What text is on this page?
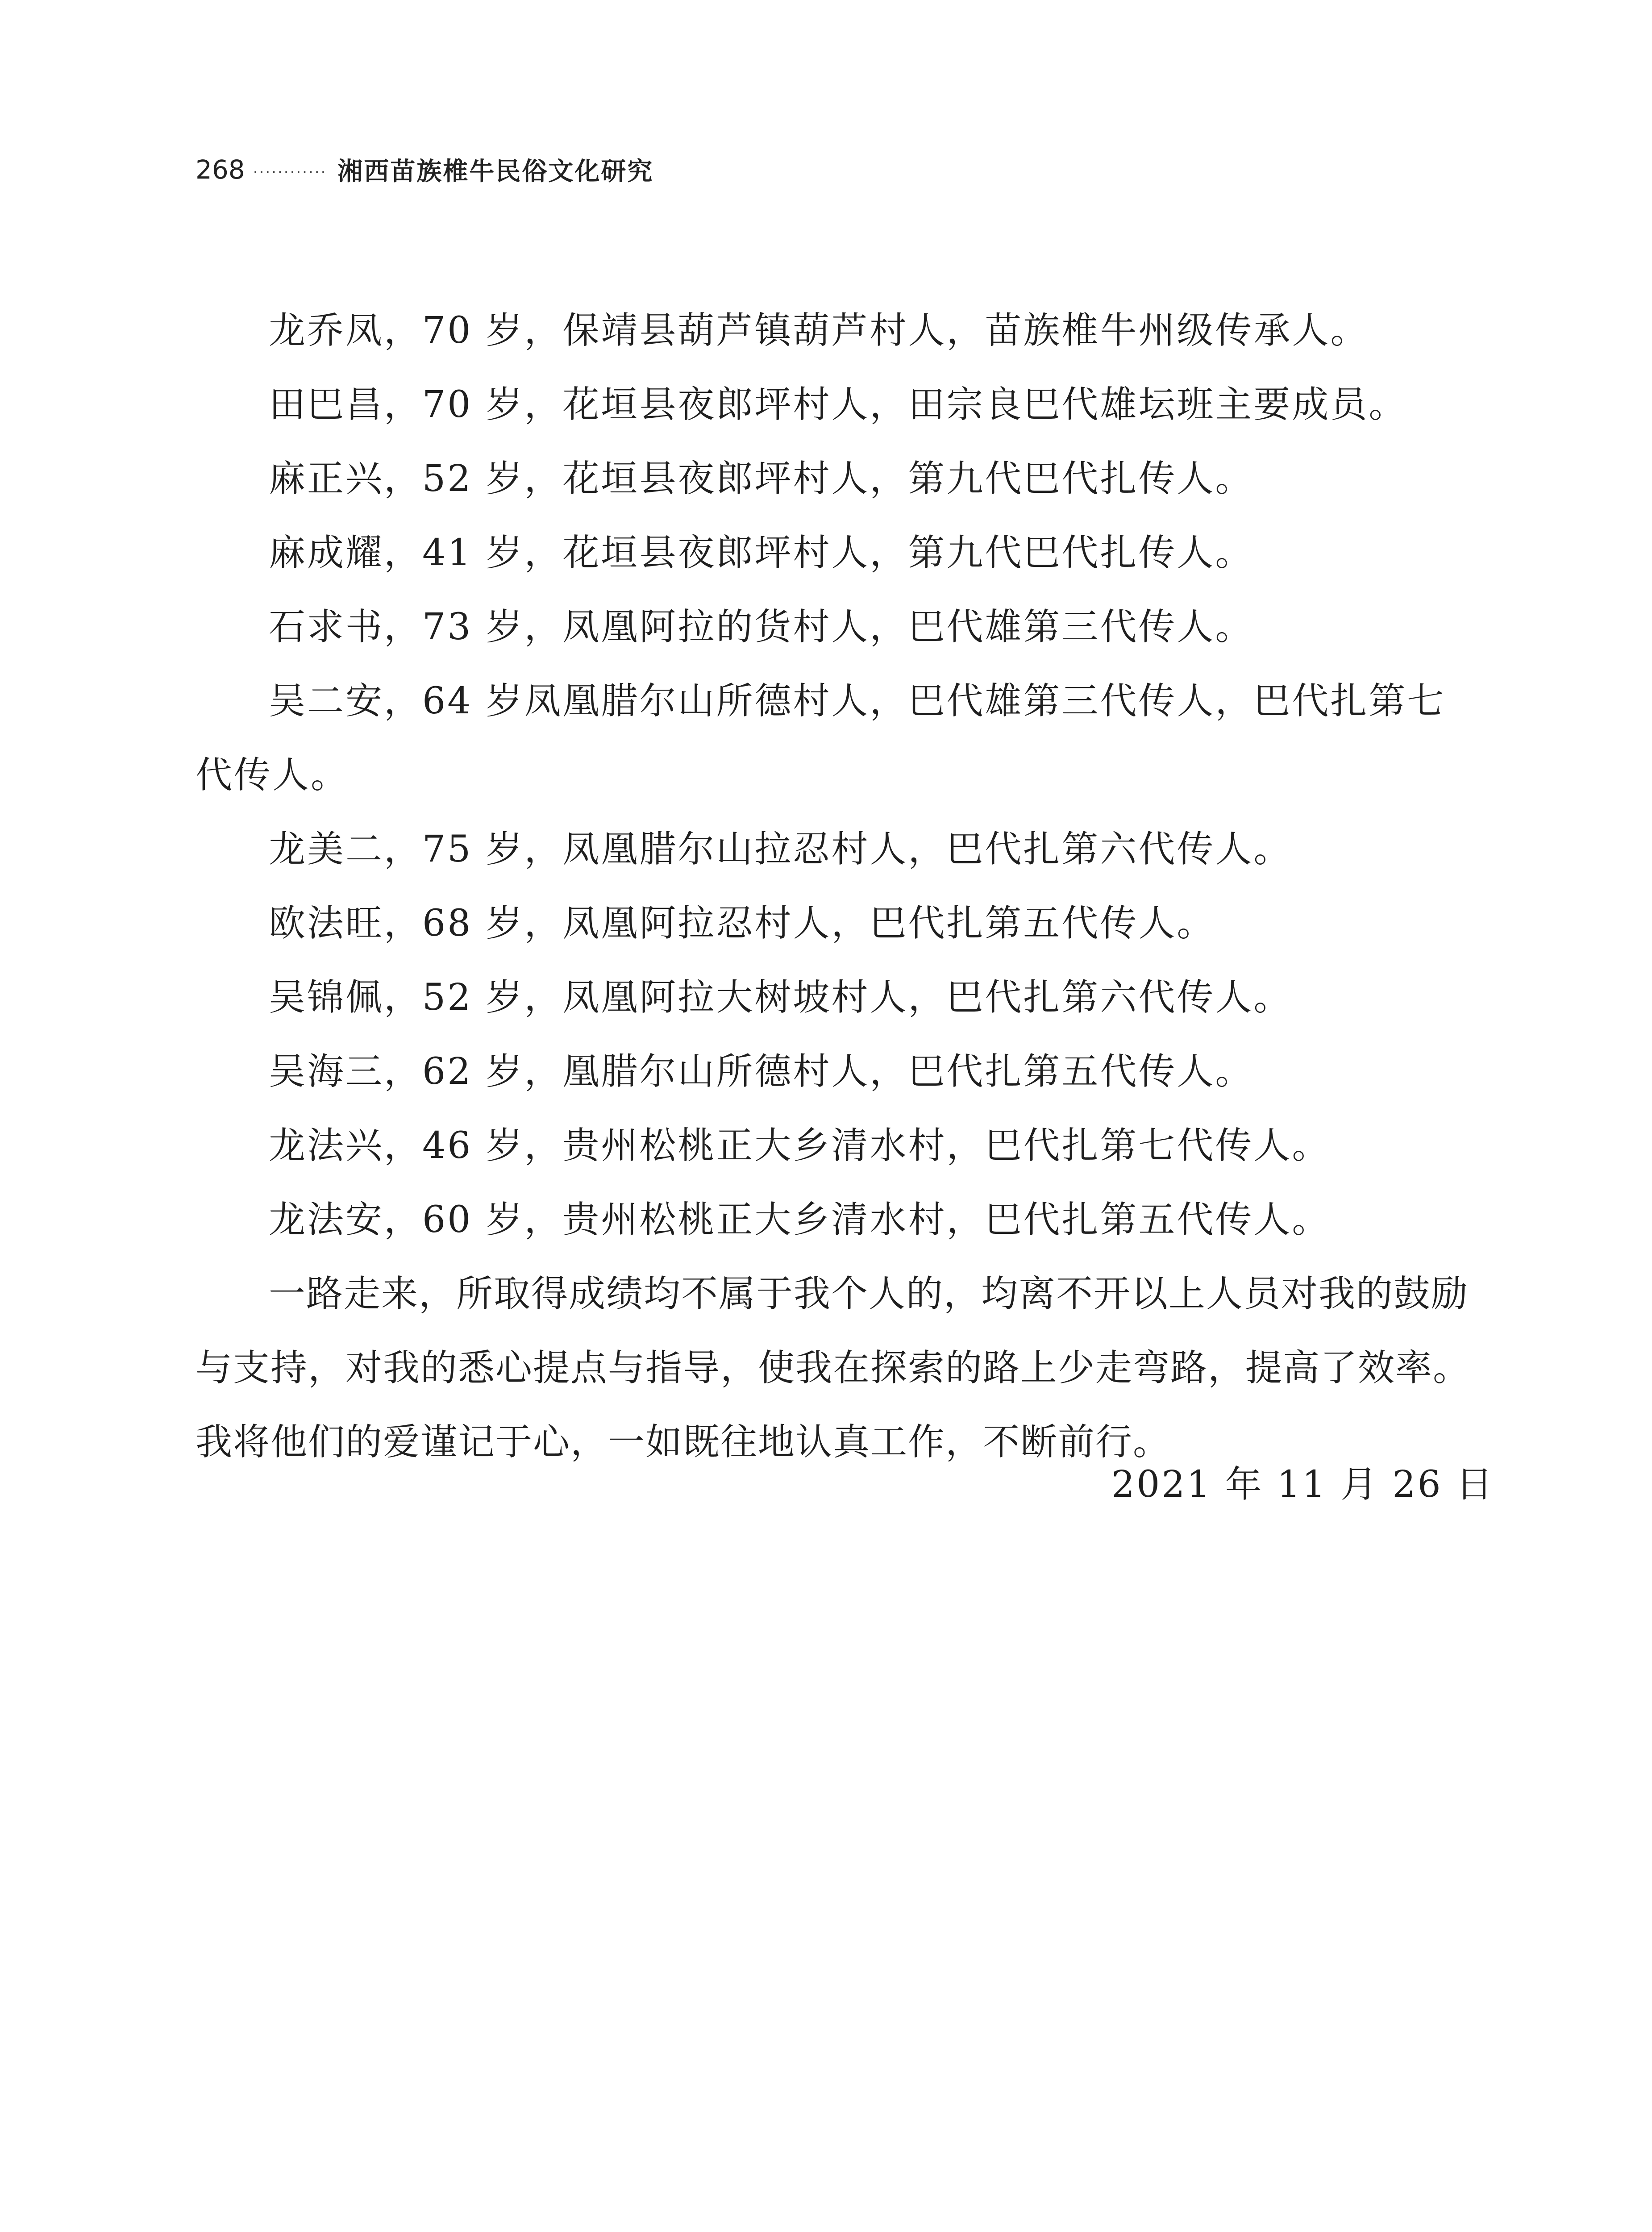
268 ············ 湘西苗族椎牛民俗文化研究

龙乔凤，70 岁，保靖县葫芦镇葫芦村人，苗族椎牛州级传承人。

田巴昌，70 岁，花垣县夜郎坪村人，田宗良巴代雄坛班主要成员。

麻正兴，52 岁，花垣县夜郎坪村人，第九代巴代扎传人。

麻成耀，41 岁，花垣县夜郎坪村人，第九代巴代扎传人。

石求书，73 岁，凤凰阿拉的货村人，巴代雄第三代传人。

吴二安，64 岁凤凰腊尔山所德村人，巴代雄第三代传人，巴代扎第七代传人。

龙美二，75 岁，凤凰腊尔山拉忍村人，巴代扎第六代传人。

欧法旺，68 岁，凤凰阿拉忍村人，巴代扎第五代传人。

吴锦佩，52 岁，凤凰阿拉大树坡村人，巴代扎第六代传人。

吴海三，62 岁，凰腊尔山所德村人，巴代扎第五代传人。

龙法兴，46 岁，贵州松桃正大乡清水村，巴代扎第七代传人。

龙法安，60 岁，贵州松桃正大乡清水村，巴代扎第五代传人。

一路走来，所取得成绩均不属于我个人的，均离不开以上人员对我的鼓励与支持，对我的悉心提点与指导，使我在探索的路上少走弯路，提高了效率。我将他们的爱谨记于心，一如既往地认真工作，不断前行。

2021 年 11 月 26 日
